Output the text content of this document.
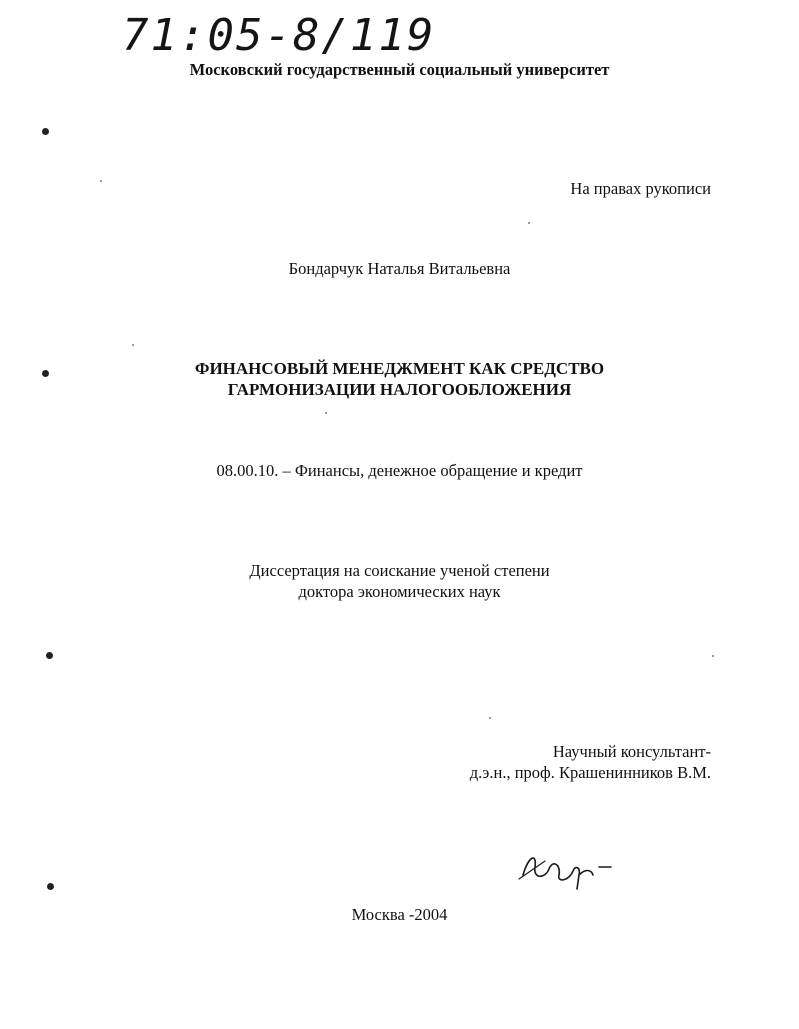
71:05-8/119

Московский государственный социальный университет

На правах рукописи

Бондарчук Наталья Витальевна

ФИНАНСОВЫЙ МЕНЕДЖМЕНТ КАК СРЕДСТВО
ГАРМОНИЗАЦИИ НАЛОГООБЛОЖЕНИЯ

08.00.10. – Финансы, денежное обращение и кредит

Диссертация на соискание ученой степени
доктора экономических наук
Научный консультант-
д.э.н., проф. Крашенинников В.М.

Москва -2004
